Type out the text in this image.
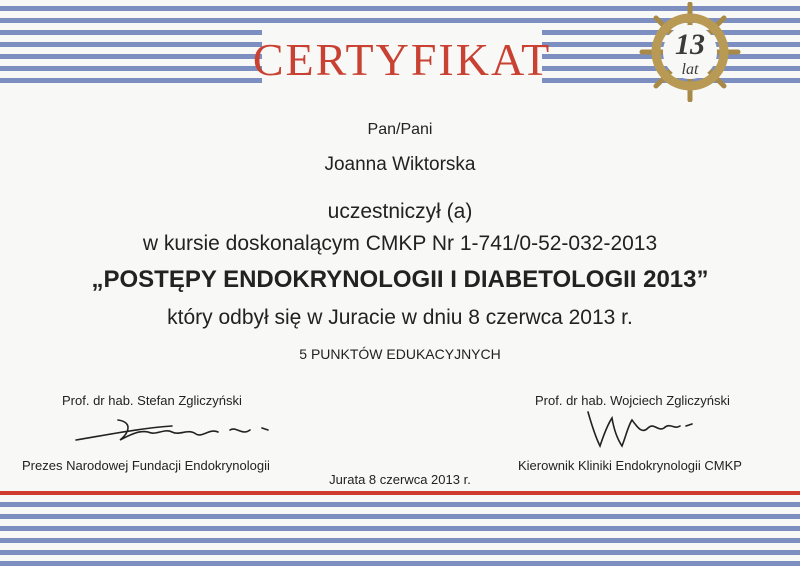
CERTYFIKAT	13
lat
Pan/Pani
Joanna Wiktorska
uczestniczył (a)
w kursie doskonalącym CMKP Nr 1-741/0-52-032-2013
„POSTĘPY ENDOKRYNOLOGII I DIABETOLOGII 2013”
który odbył się w Juracie w dniu 8 czerwca 2013 r.
5 PUNKTÓW EDUKACYJNYCH
Prof. dr hab. Stefan Zgliczyński
Prezes Narodowej Fundacji Endokrynologii
Prof. dr hab. Wojciech Zgliczyński
Kierownik Kliniki Endokrynologii CMKP
Jurata 8 czerwca 2013 r.
